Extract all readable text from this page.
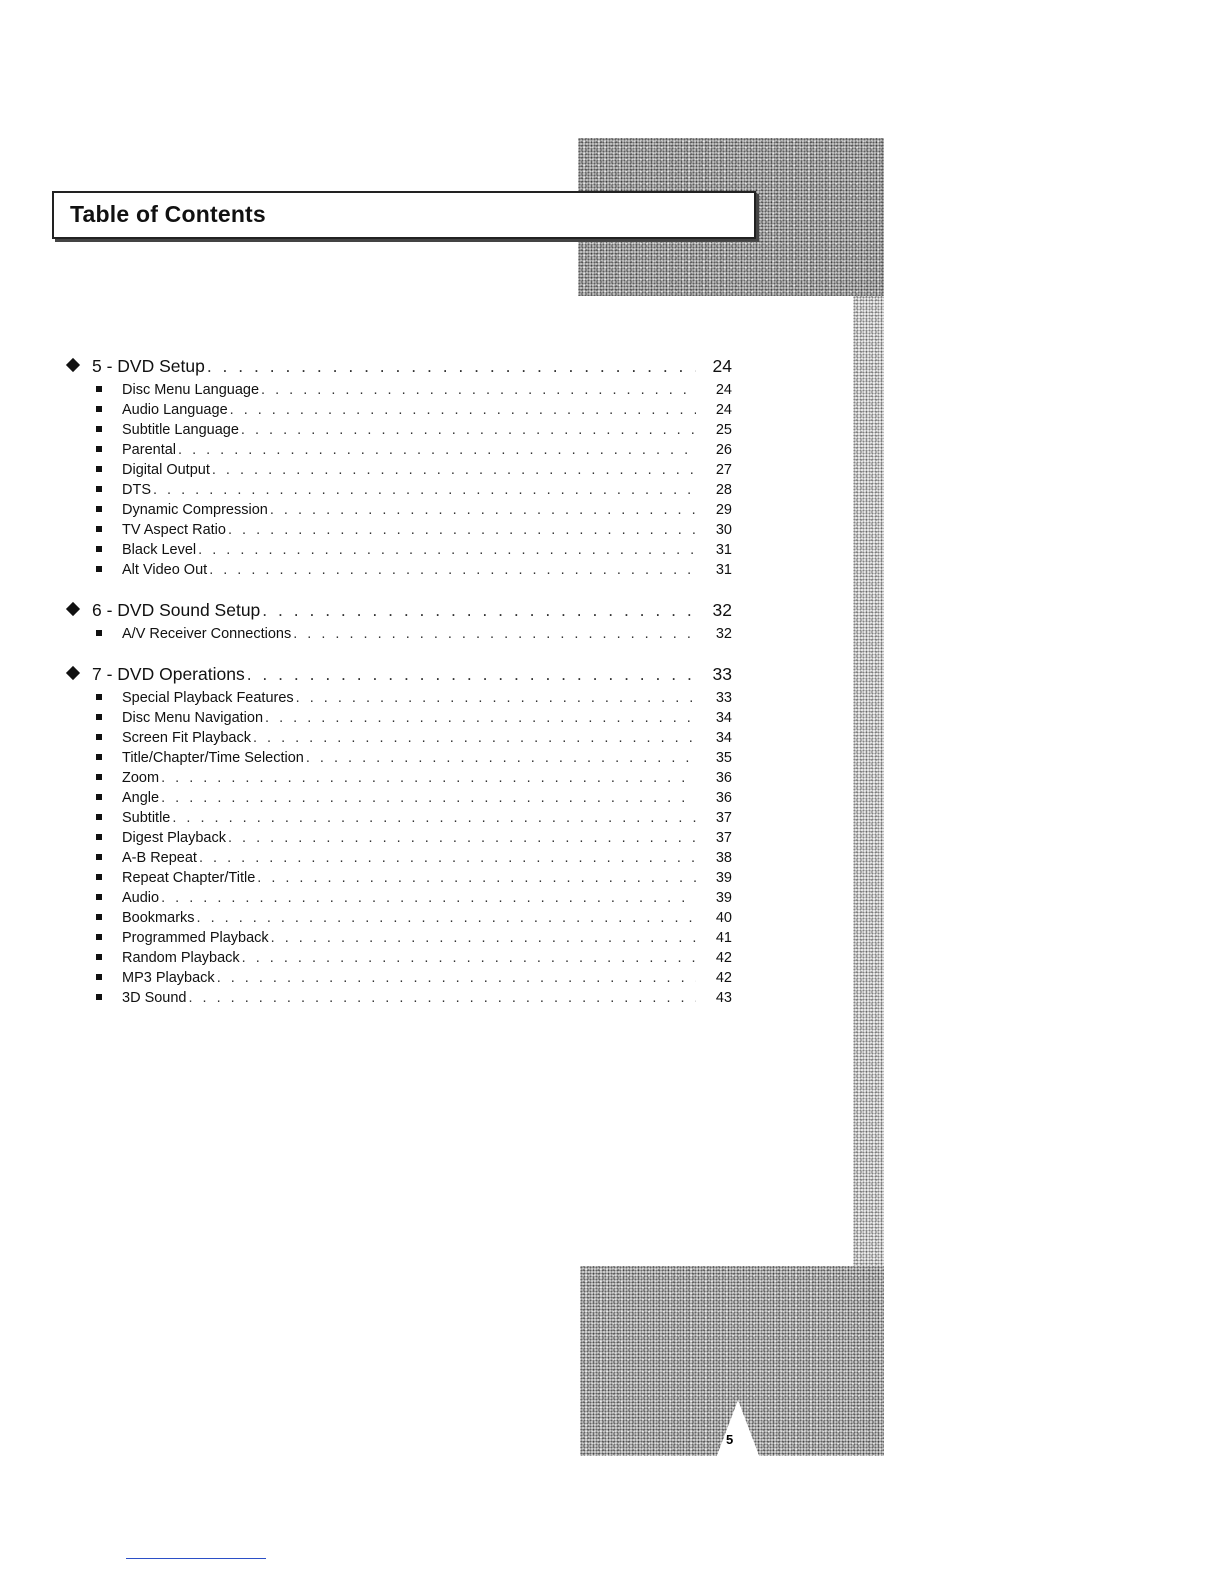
5
Table of Contents
5 - DVD Setup . . .	24
Disc Menu Language . . .	24
Audio Language . . .	24
Subtitle Language . . .	25
Parental . . .	26
Digital Output . . .	27
DTS . . .	28
Dynamic Compression . . .	29
TV Aspect Ratio . . .	30
Black Level . . .	31
Alt Video Out . . .	31
6 - DVD Sound Setup . . .	32
A/V Receiver Connections . . .	32
7 - DVD Operations . . .	33
Special Playback Features . . .	33
Disc Menu Navigation . . .	34
Screen Fit Playback . . .	34
Title/Chapter/Time Selection . . .	35
Zoom . . .	36
Angle . . .	36
Subtitle . . .	37
Digest Playback . . .	37
A-B Repeat . . .	38
Repeat Chapter/Title . . .	39
Audio . . .	39
Bookmarks . . .	40
Programmed Playback . . .	41
Random Playback . . .	42
MP3 Playback . . .	42
3D Sound . . .	43
